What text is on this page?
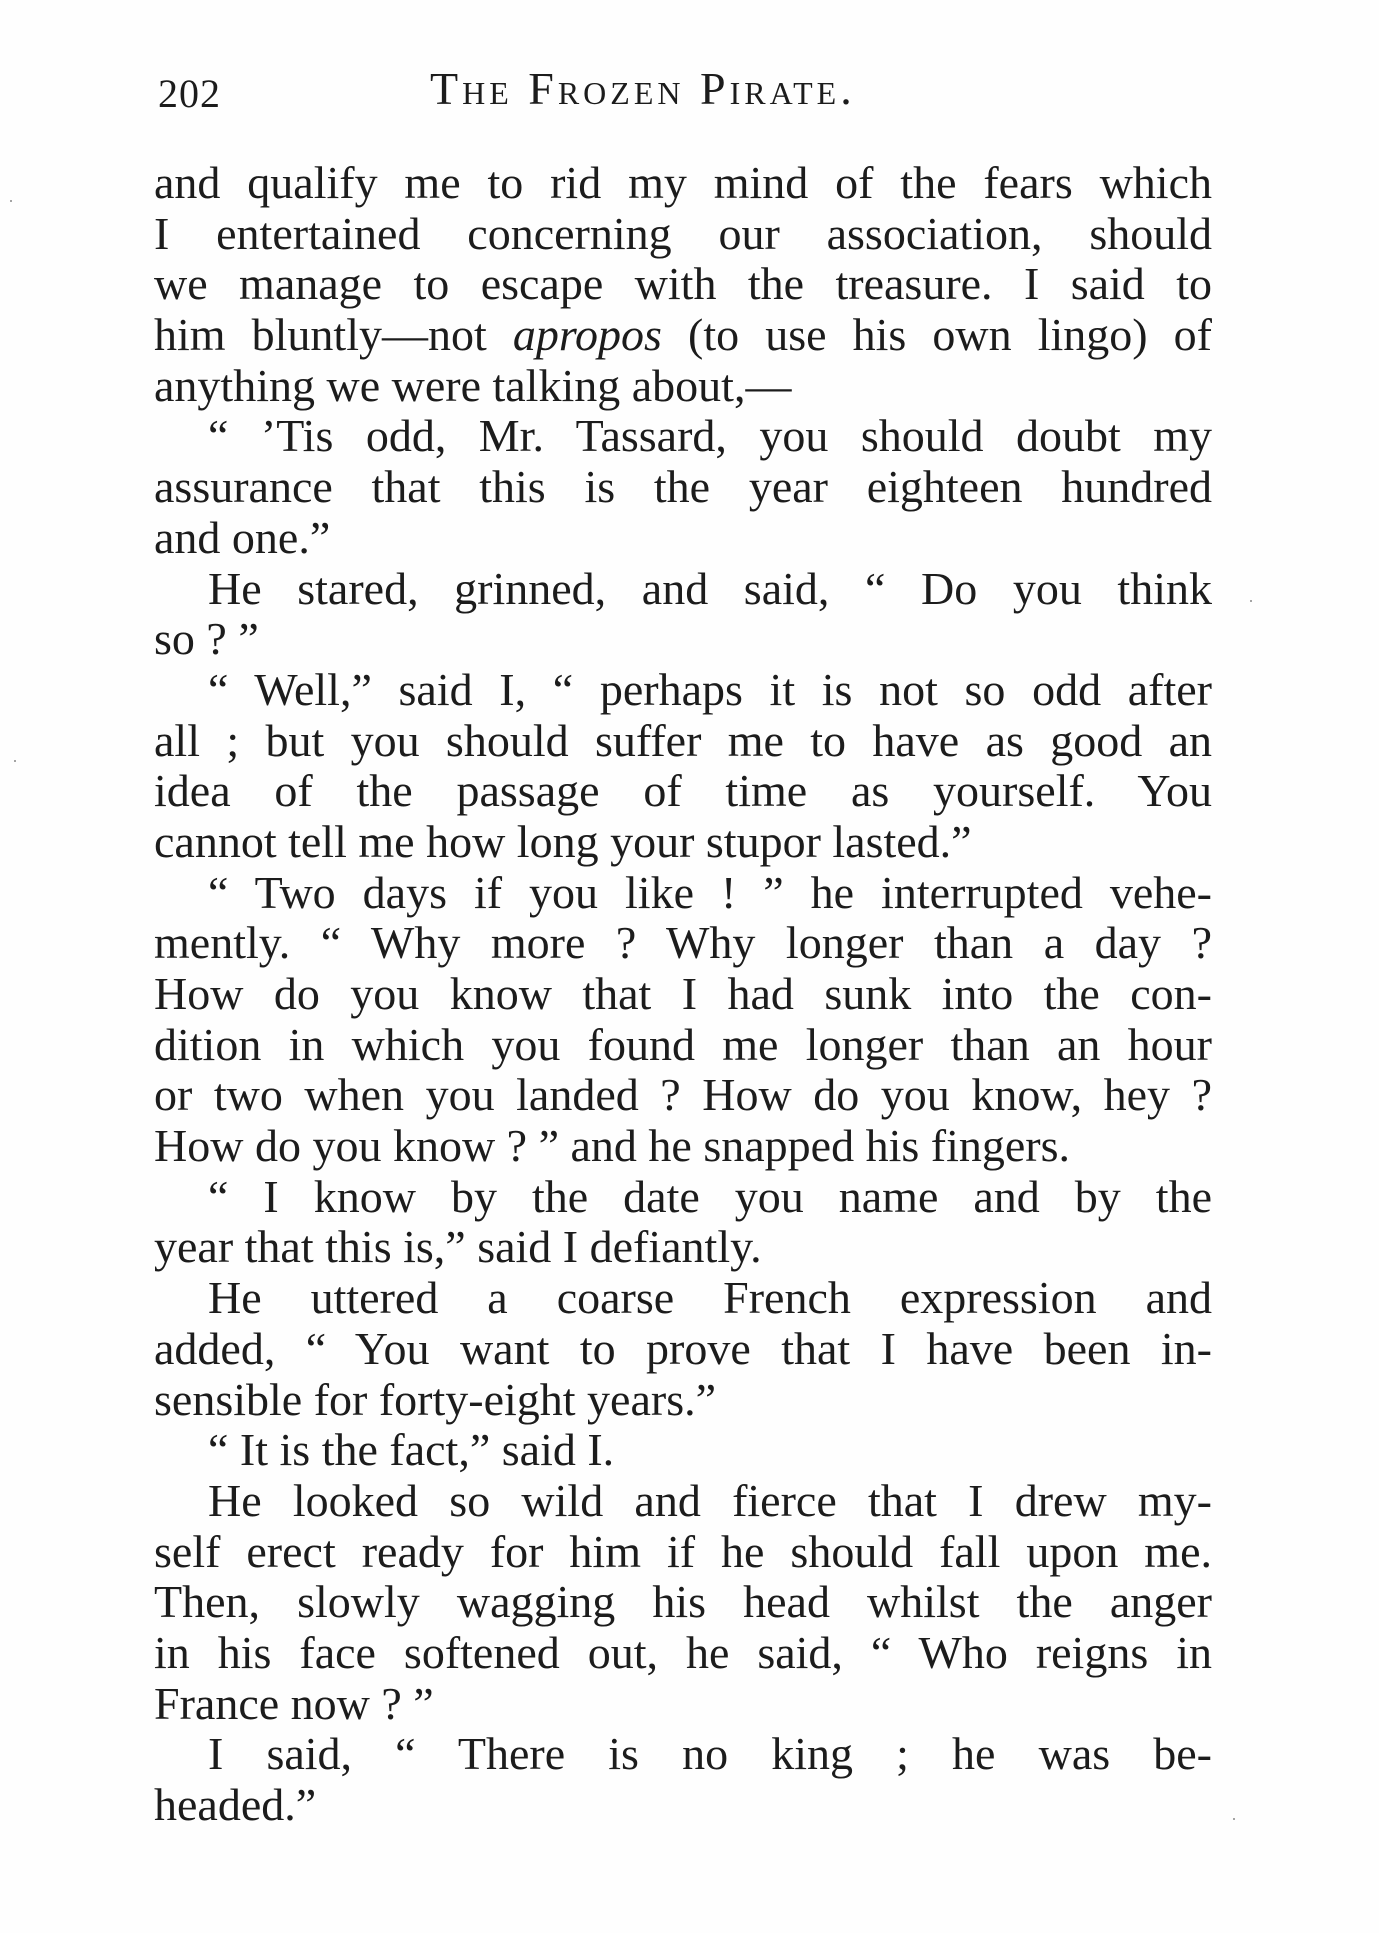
202	The Frozen Pirate.
and qualify me to rid my mind of the fears which
I entertained concerning our association, should
we manage to escape with the treasure. I said to
him bluntly—not apropos (to use his own lingo) of
anything we were talking about,—
“ ’Tis odd, Mr. Tassard, you should doubt my
assurance that this is the year eighteen hundred
and one.”
He stared, grinned, and said, “ Do you think
so ? ”
“ Well,” said I, “ perhaps it is not so odd after
all ; but you should suffer me to have as good an
idea of the passage of time as yourself. You
cannot tell me how long your stupor lasted.”
“ Two days if you like ! ” he interrupted vehe-
mently. “ Why more ? Why longer than a day ?
How do you know that I had sunk into the con-
dition in which you found me longer than an hour
or two when you landed ? How do you know, hey ?
How do you know ? ” and he snapped his fingers.
“ I know by the date you name and by the
year that this is,” said I defiantly.
He uttered a coarse French expression and
added, “ You want to prove that I have been in-
sensible for forty-eight years.”
“ It is the fact,” said I.
He looked so wild and fierce that I drew my-
self erect ready for him if he should fall upon me.
Then, slowly wagging his head whilst the anger
in his face softened out, he said, “ Who reigns in
France now ? ”
I said, “ There is no king ; he was be-
headed.”
